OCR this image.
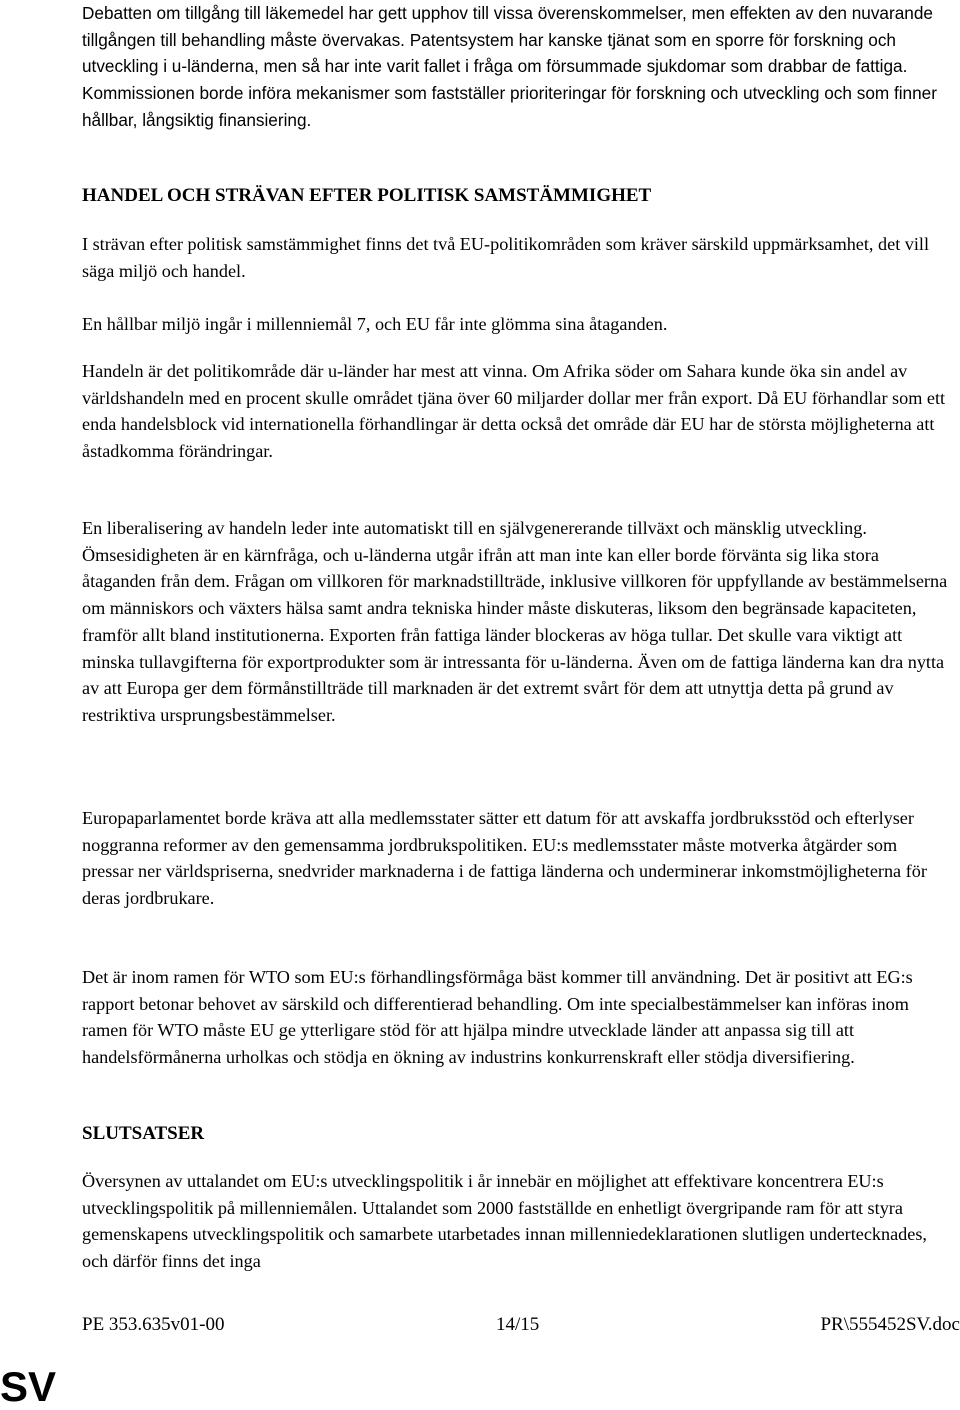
Debatten om tillgång till läkemedel har gett upphov till vissa överenskommelser, men effekten av den nuvarande tillgången till behandling måste övervakas. Patentsystem har kanske tjänat som en sporre för forskning och utveckling i u-länderna, men så har inte varit fallet i fråga om försummade sjukdomar som drabbar de fattiga. Kommissionen borde införa mekanismer som fastställer prioriteringar för forskning och utveckling och som finner hållbar, långsiktig finansiering.

HANDEL OCH STRÄVAN EFTER POLITISK SAMSTÄMMIGHET

I strävan efter politisk samstämmighet finns det två EU-politikområden som kräver särskild uppmärksamhet, det vill säga miljö och handel.

En hållbar miljö ingår i millenniemål 7, och EU får inte glömma sina åtaganden.

Handeln är det politikområde där u-länder har mest att vinna. Om Afrika söder om Sahara kunde öka sin andel av världshandeln med en procent skulle området tjäna över 60 miljarder dollar mer från export. Då EU förhandlar som ett enda handelsblock vid internationella förhandlingar är detta också det område där EU har de största möjligheterna att åstadkomma förändringar.

En liberalisering av handeln leder inte automatiskt till en självgenererande tillväxt och mänsklig utveckling. Ömsesidigheten är en kärnfråga, och u-länderna utgår ifrån att man inte kan eller borde förvänta sig lika stora åtaganden från dem. Frågan om villkoren för marknadstillträde, inklusive villkoren för uppfyllande av bestämmelserna om människors och växters hälsa samt andra tekniska hinder måste diskuteras, liksom den begränsade kapaciteten, framför allt bland institutionerna. Exporten från fattiga länder blockeras av höga tullar. Det skulle vara viktigt att minska tullavgifterna för exportprodukter som är intressanta för u-länderna. Även om de fattiga länderna kan dra nytta av att Europa ger dem förmånstillträde till marknaden är det extremt svårt för dem att utnyttja detta på grund av restriktiva ursprungsbestämmelser.

Europaparlamentet borde kräva att alla medlemsstater sätter ett datum för att avskaffa jordbruksstöd och efterlyser noggranna reformer av den gemensamma jordbrukspolitiken. EU:s medlemsstater måste motverka åtgärder som pressar ner världspriserna, snedvrider marknaderna i de fattiga länderna och underminerar inkomstmöjligheterna för deras jordbrukare.

Det är inom ramen för WTO som EU:s förhandlingsförmåga bäst kommer till användning. Det är positivt att EG:s rapport betonar behovet av särskild och differentierad behandling. Om inte specialbestämmelser kan införas inom ramen för WTO måste EU ge ytterligare stöd för att hjälpa mindre utvecklade länder att anpassa sig till att handelsförmånerna urholkas och stödja en ökning av industrins konkurrenskraft eller stödja diversifiering.

SLUTSATSER

Översynen av uttalandet om EU:s utvecklingspolitik i år innebär en möjlighet att effektivare koncentrera EU:s utvecklingspolitik på millenniemålen. Uttalandet som 2000 fastställde en enhetligt övergripande ram för att styra gemenskapens utvecklingspolitik och samarbete utarbetades innan millenniedeklarationen slutligen undertecknades, och därför finns det inga

PE 353.635v01-00	14/15	PR\555452SV.doc
SV
